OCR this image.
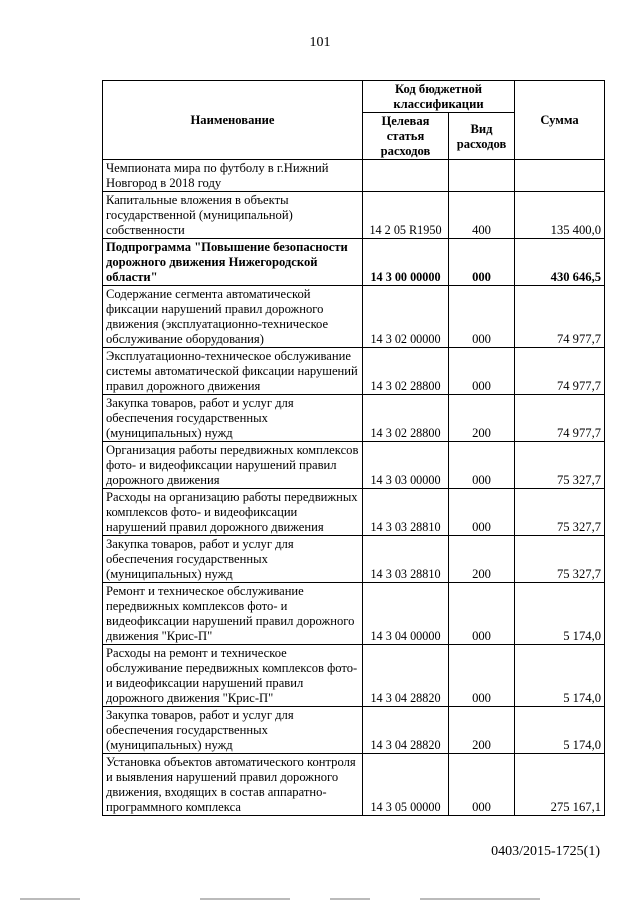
101
Наименование	Код бюджетной классификации		Сумма
	Целевая статья расходов	Вид расходов	
Чемпионата мира по футболу в г.Нижний Новгород в 2018 году			
Капитальные вложения в объекты государственной (муниципальной) собственности	14 2 05 R1950	400	135 400,0
Подпрограмма "Повышение безопасности дорожного движения Нижегородской области"	14 3 00 00000	000	430 646,5
Содержание сегмента автоматической фиксации нарушений правил дорожного движения (эксплуатационно-техническое обслуживание оборудования)	14 3 02 00000	000	74 977,7
Эксплуатационно-техническое обслуживание системы автоматической фиксации нарушений правил дорожного движения	14 3 02 28800	000	74 977,7
Закупка товаров, работ и услуг для обеспечения государственных (муниципальных) нужд	14 3 02 28800	200	74 977,7
Организация работы передвижных комплексов фото- и видеофиксации нарушений правил дорожного движения	14 3 03 00000	000	75 327,7
Расходы на организацию работы передвижных комплексов фото- и видеофиксации нарушений правил дорожного движения	14 3 03 28810	000	75 327,7
Закупка товаров, работ и услуг для обеспечения государственных (муниципальных) нужд	14 3 03 28810	200	75 327,7
Ремонт и техническое обслуживание передвижных комплексов фото- и видеофиксации нарушений правил дорожного движения "Крис-П"	14 3 04 00000	000	5 174,0
Расходы на ремонт и техническое обслуживание передвижных комплексов фото- и видеофиксации нарушений правил дорожного движения "Крис-П"	14 3 04 28820	000	5 174,0
Закупка товаров, работ и услуг для обеспечения государственных (муниципальных) нужд	14 3 04 28820	200	5 174,0
Установка объектов автоматического контроля и выявления нарушений правил дорожного движения, входящих в состав аппаратно-программного комплекса	14 3 05 00000	000	275 167,1
0403/2015-1725(1)
